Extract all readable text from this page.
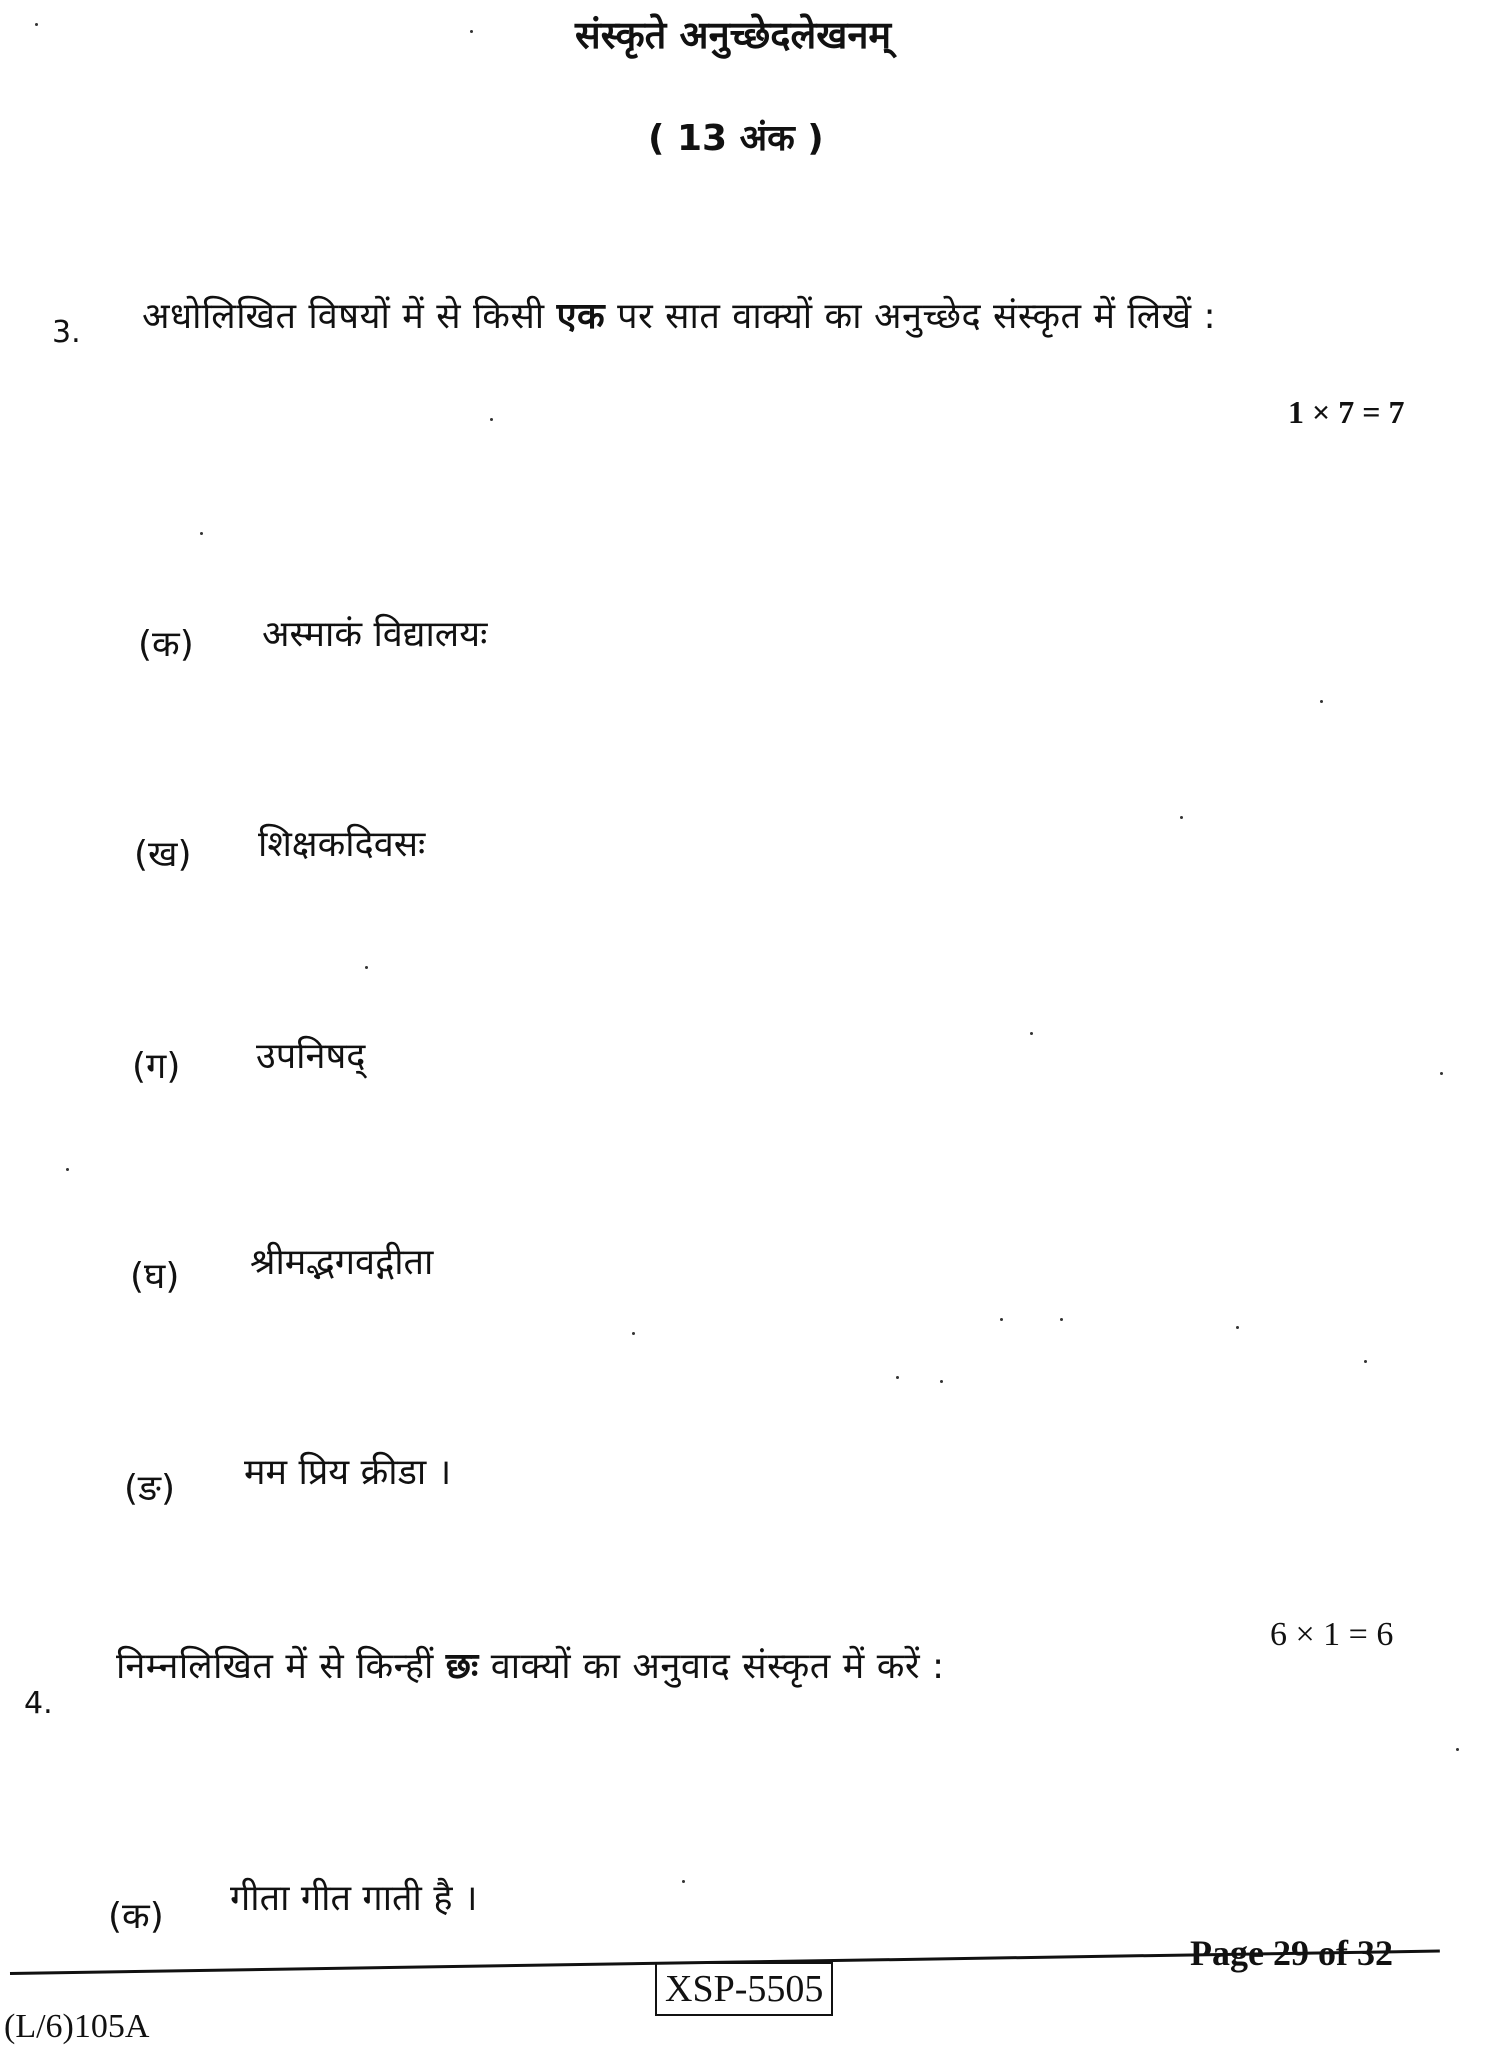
संस्कृते अनुच्छेदलेखनम्
( 13 अंक )
3. अधोलिखित विषयों में से किसी एक पर सात वाक्यों का अनुच्छेद संस्कृत में लिखें :
1 × 7 = 7
(क) अस्माकं विद्यालयः
(ख) शिक्षकदिवसः
(ग) उपनिषद्
(घ) श्रीमद्भगवद्गीता
(ङ) मम प्रिय क्रीडा ।
4.
निम्नलिखित में से किन्हीं छः वाक्यों का अनुवाद संस्कृत में करें :
6 × 1 = 6
(क) गीता गीत गाती है ।
XSP-5505
Page 29 of 32
(L/6)105A
